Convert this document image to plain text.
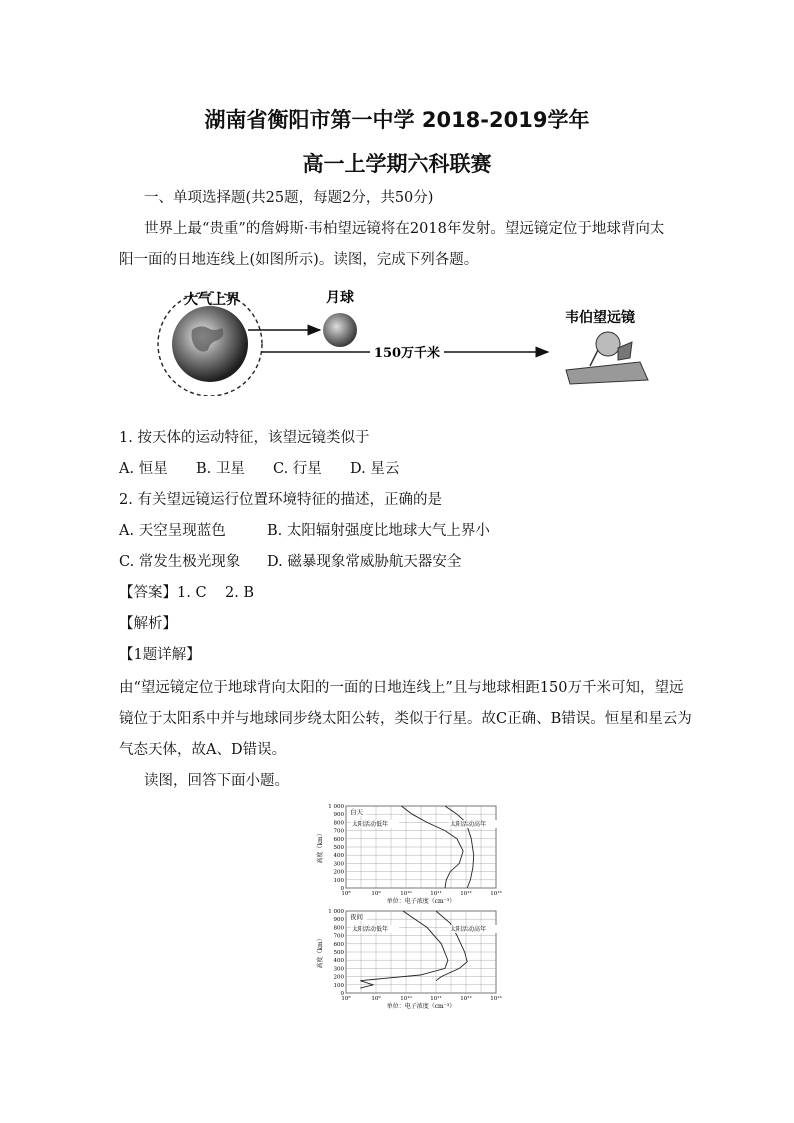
湖南省衡阳市第一中学 2018-2019学年
高一上学期六科联赛
一、单项选择题(共25题，每题2分，共50分)
世界上最“贵重”的詹姆斯·韦柏望远镜将在2018年发射。望远镜定位于地球背向太
阳一面的日地连线上(如图所示)。读图，完成下列各题。
150万千米
大气上界	月球
韦伯望远镜
1. 按天体的运动特征，该望远镜类似于
A. 恒星 B. 卫星 C. 行星 D. 星云
2. 有关望远镜运行位置环境特征的描述，正确的是
A. 天空呈现蓝色	B. 太阳辐射强度比地球大气上界小
C. 常发生极光现象 D. 磁暴现象常威胁航天器安全
【答案】1. C    2. B
【解析】
【1题详解】
由“望远镜定位于地球背向太阳的一面的日地连线上”且与地球相距150万千米可知，望远
镜位于太阳系中并与地球同步绕太阳公转，类似于行星。故C正确、B错误。恒星和星云为
气态天体，故A、D错误。
读图，回答下面小题。
1 000
900
800
700
600
500
400
300
200
100
0
10⁸	10⁹	10¹⁰	10¹¹	10¹²	10¹³
单位：电子浓度（cm⁻³）
高度（km）
白天
太阳活动低年	太阳活动高年
1 000
900
800
700
600
500
400
300
200
100
0
10⁸	10⁹	10¹⁰	10¹¹	10¹²	10¹³
单位：电子浓度（cm⁻³）
高度（km）
夜间
太阳活动低年	太阳活动高年
